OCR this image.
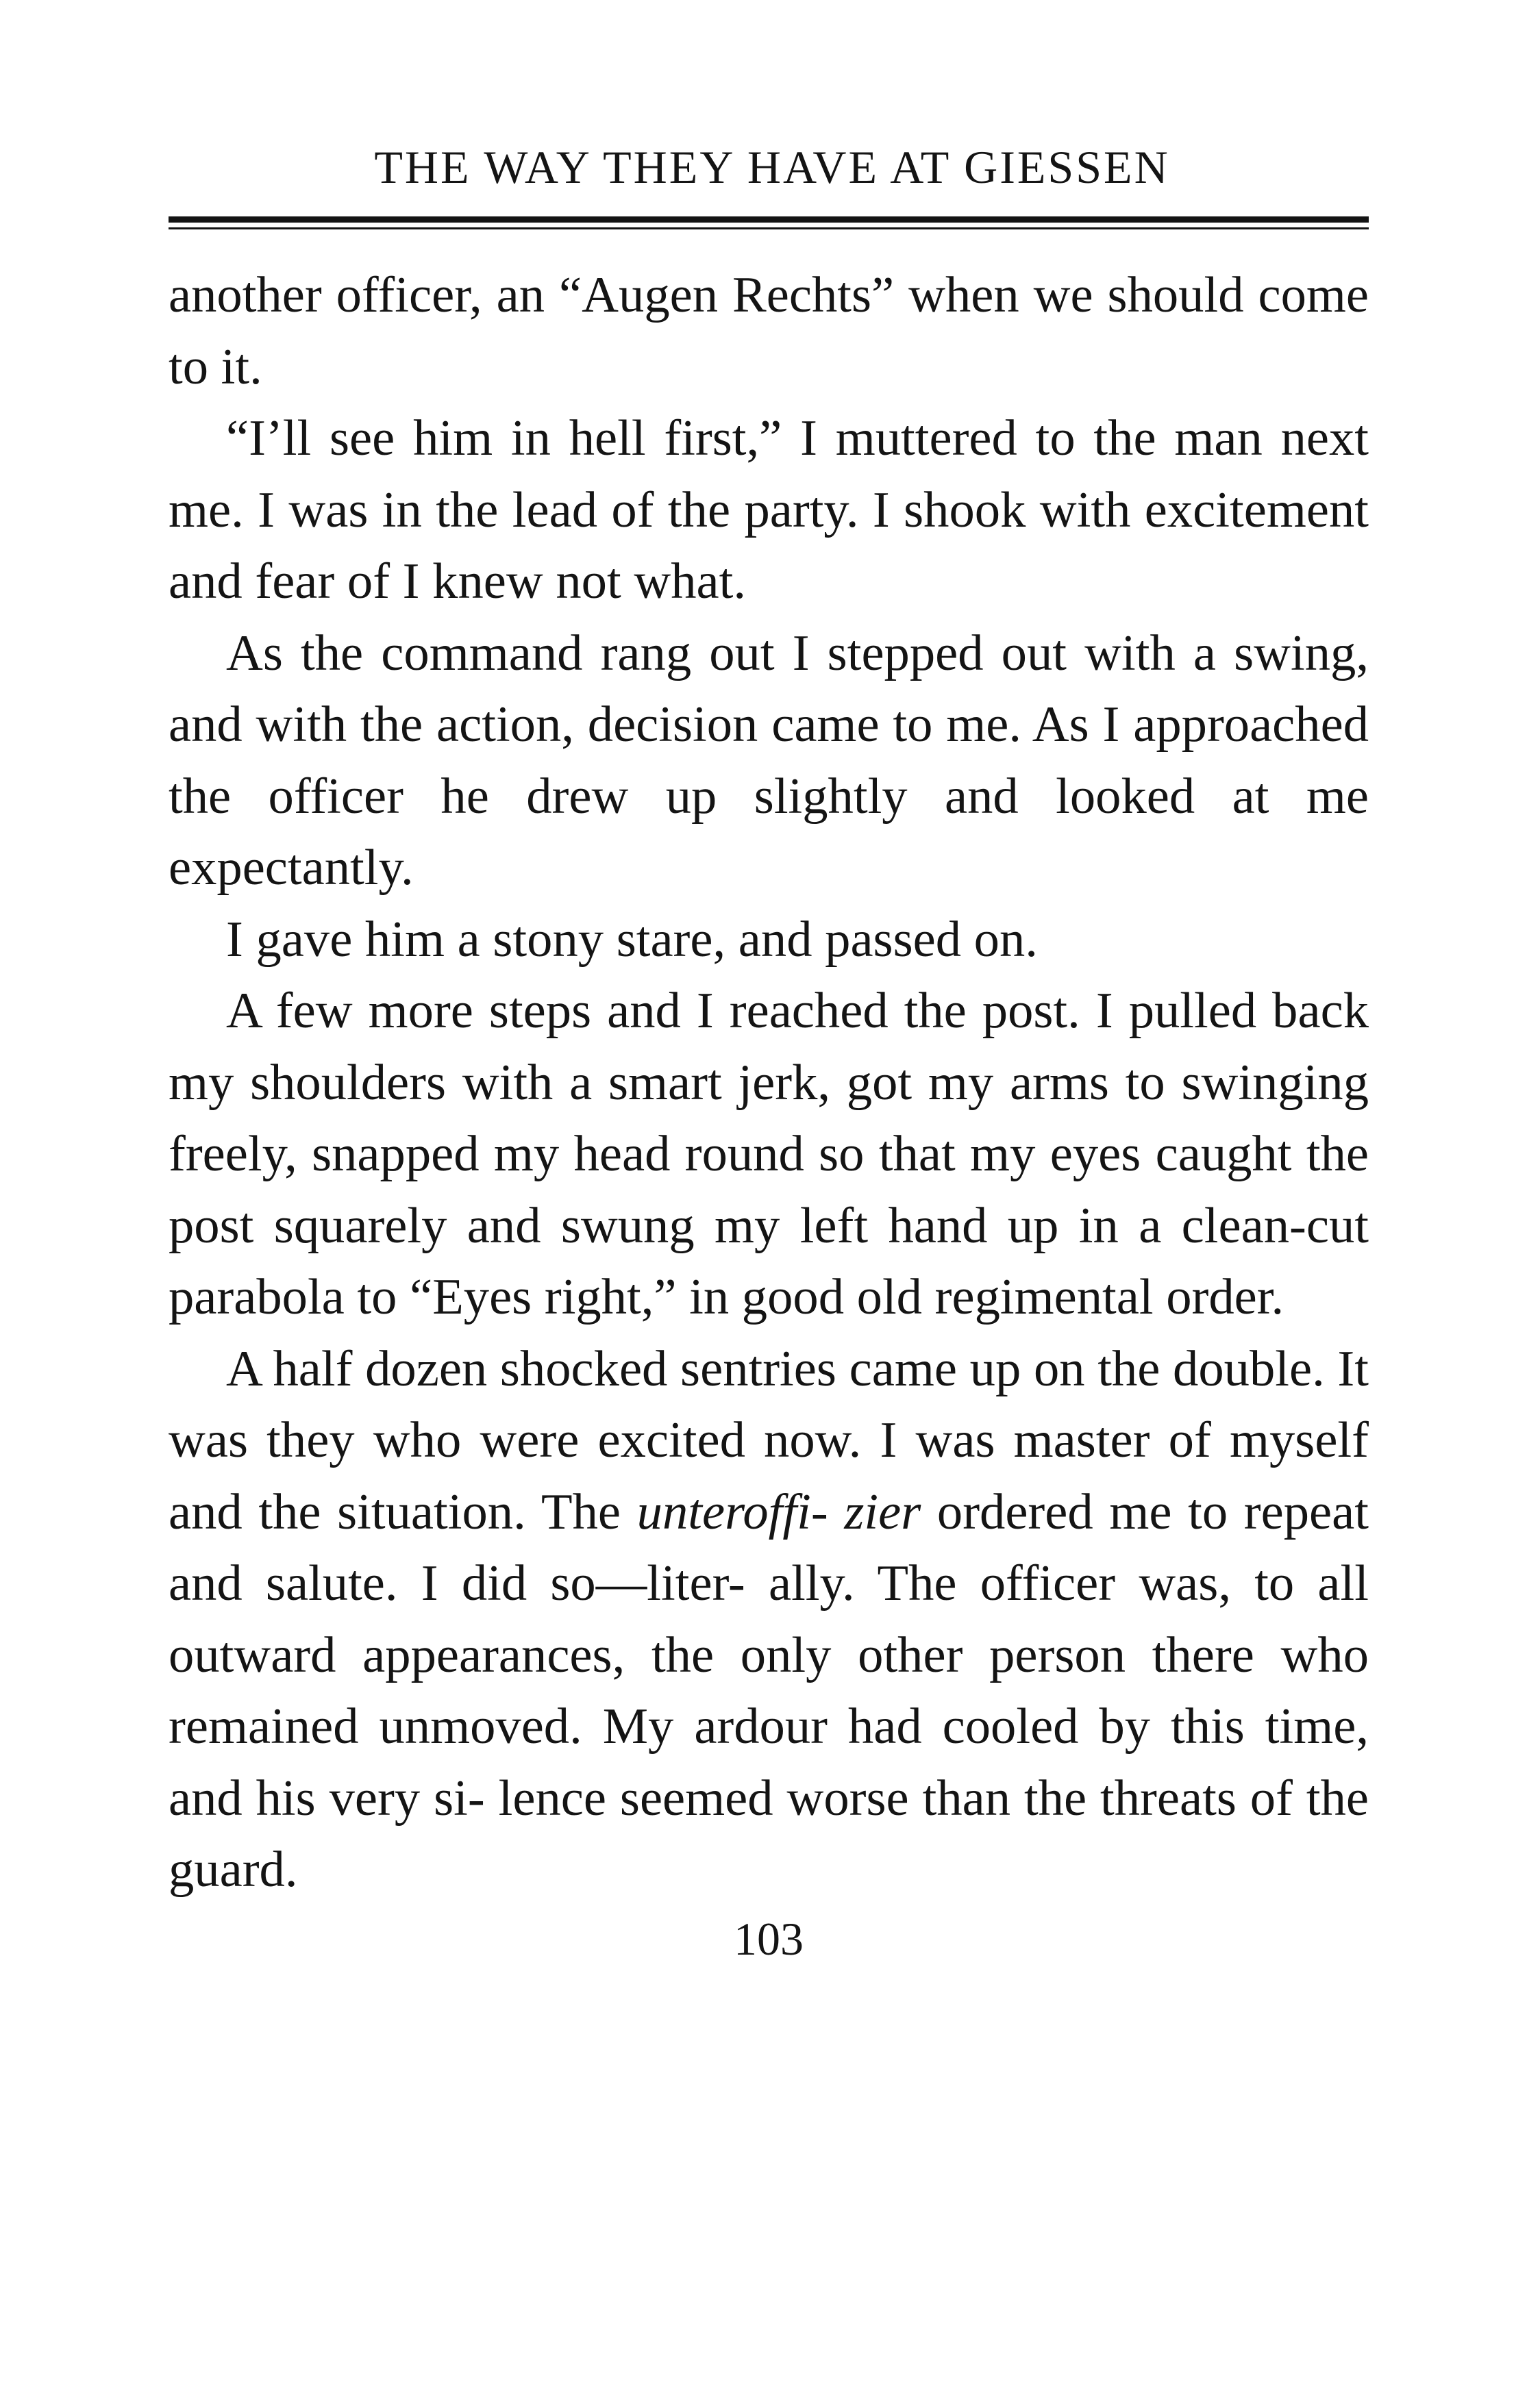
THE WAY THEY HAVE AT GIESSEN

another officer, an “Augen Rechts” when we should come to it.

“I’ll see him in hell first,” I muttered to the man next me. I was in the lead of the party. I shook with excitement and fear of I knew not what.

As the command rang out I stepped out with a swing, and with the action, decision came to me. As I approached the officer he drew up slightly and looked at me expectantly.

I gave him a stony stare, and passed on.

A few more steps and I reached the post. I pulled back my shoulders with a smart jerk, got my arms to swinging freely, snapped my head round so that my eyes caught the post squarely and swung my left hand up in a clean-cut parabola to “Eyes right,” in good old regimental order.

A half dozen shocked sentries came up on the double. It was they who were excited now. I was master of myself and the situation. The unteroffi- zier ordered me to repeat and salute. I did so—liter- ally. The officer was, to all outward appearances, the only other person there who remained unmoved. My ardour had cooled by this time, and his very si- lence seemed worse than the threats of the guard.

103
